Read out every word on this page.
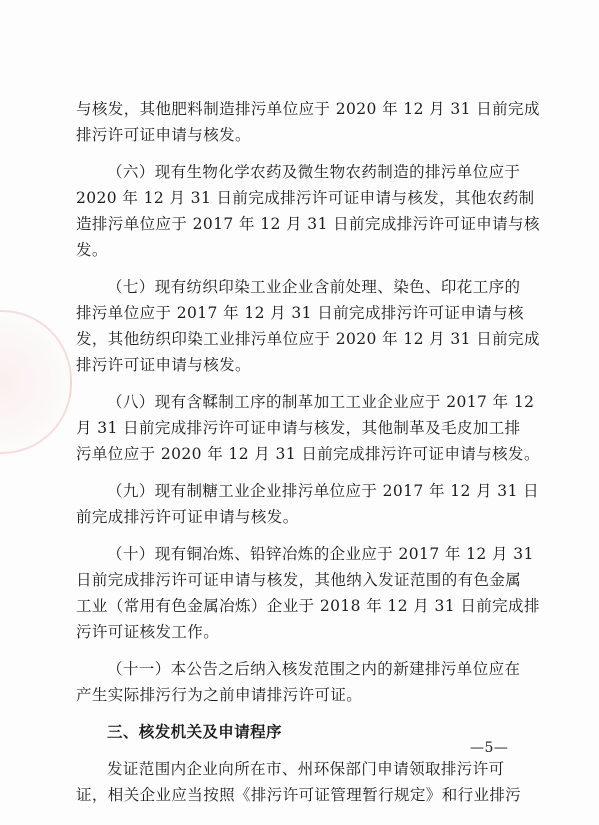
与核发，其他肥料制造排污单位应于 2020 年 12 月 31 日前完成
排污许可证申请与核发。
（六）现有生物化学农药及微生物农药制造的排污单位应于
2020 年 12 月 31 日前完成排污许可证申请与核发，其他农药制
造排污单位应于 2017 年 12 月 31 日前完成排污许可证申请与核
发。
（七）现有纺织印染工业企业含前处理、染色、印花工序的
排污单位应于 2017 年 12 月 31 日前完成排污许可证申请与核
发，其他纺织印染工业排污单位应于 2020 年 12 月 31 日前完成
排污许可证申请与核发。
（八）现有含鞣制工序的制革加工工业企业应于 2017 年 12
月 31 日前完成排污许可证申请与核发，其他制革及毛皮加工排
污单位应于 2020 年 12 月 31 日前完成排污许可证申请与核发。
（九）现有制糖工业企业排污单位应于 2017 年 12 月 31 日
前完成排污许可证申请与核发。
（十）现有铜冶炼、铅锌冶炼的企业应于 2017 年 12 月 31
日前完成排污许可证申请与核发，其他纳入发证范围的有色金属
工业（常用有色金属冶炼）企业于 2018 年 12 月 31 日前完成排
污许可证核发工作。
（十一）本公告之后纳入核发范围之内的新建排污单位应在
产生实际排污行为之前申请排污许可证。
三、核发机关及申请程序
发证范围内企业向所在市、州环保部门申请领取排污许可
证，相关企业应当按照《排污许可证管理暂行规定》和行业排污
—5—
